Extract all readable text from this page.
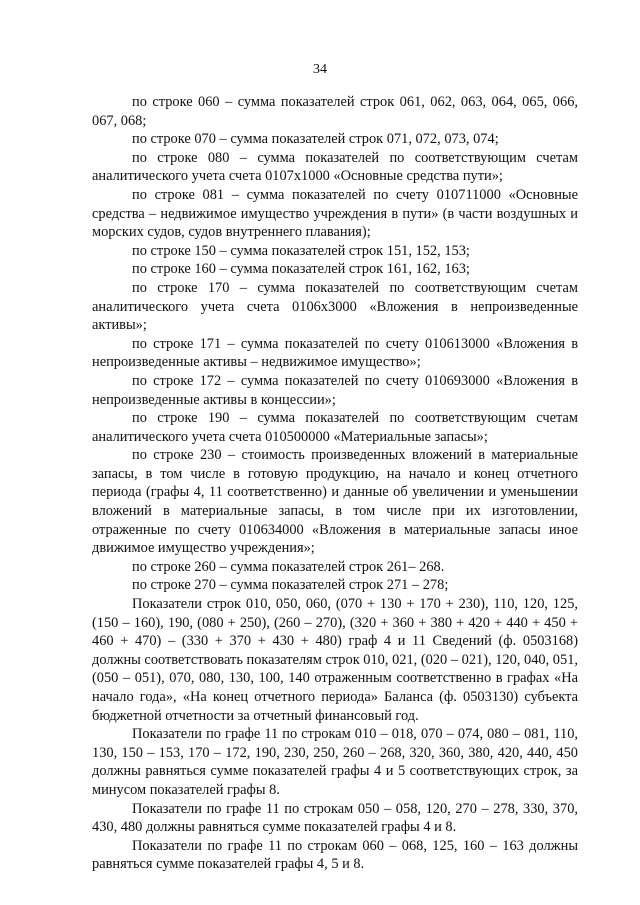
34

по строке 060 – сумма показателей строк 061, 062, 063, 064, 065, 066, 067, 068;

по строке 070 – сумма показателей строк 071, 072, 073, 074;

по строке 080 – сумма показателей по соответствующим счетам аналитического учета счета 0107х1000 «Основные средства пути»;

по строке 081 – сумма показателей по счету 010711000 «Основные средства – недвижимое имущество учреждения в пути» (в части воздушных и морских судов, судов внутреннего плавания);

по строке 150 – сумма показателей строк 151, 152, 153;

по строке 160 – сумма показателей строк 161, 162, 163;

по строке 170 – сумма показателей по соответствующим счетам аналитического учета счета 0106х3000 «Вложения в непроизведенные активы»;

по строке 171 – сумма показателей по счету 010613000 «Вложения в непроизведенные активы – недвижимое имущество»;

по строке 172 – сумма показателей по счету 010693000 «Вложения в непроизведенные активы в концессии»;

по строке 190 – сумма показателей по соответствующим счетам аналитического учета счета 010500000 «Материальные запасы»;

по строке 230 – стоимость произведенных вложений в материальные запасы, в том числе в готовую продукцию, на начало и конец отчетного периода (графы 4, 11 соответственно) и данные об увеличении и уменьшении вложений в материальные запасы, в том числе при их изготовлении, отраженные по счету 010634000 «Вложения в материальные запасы иное движимое имущество учреждения»;

по строке 260 – сумма показателей строк 261– 268.

по строке 270 – сумма показателей строк 271 – 278;

Показатели строк 010, 050, 060, (070 + 130 + 170 + 230), 110, 120, 125, (150 – 160), 190, (080 + 250), (260 – 270), (320 + 360 + 380 + 420 + 440 + 450 + 460 + 470) – (330 + 370 + 430 + 480) граф 4 и 11 Сведений (ф. 0503168) должны соответствовать показателям строк 010, 021, (020 – 021), 120, 040, 051, (050 – 051), 070, 080, 130, 100, 140 отраженным соответственно в графах «На начало года», «На конец отчетного периода» Баланса (ф. 0503130) субъекта бюджетной отчетности за отчетный финансовый год.

Показатели по графе 11 по строкам 010 – 018, 070 – 074, 080 – 081, 110, 130, 150 – 153, 170 – 172, 190, 230, 250, 260 – 268, 320, 360, 380, 420, 440, 450 должны равняться сумме показателей графы 4 и 5 соответствующих строк, за минусом показателей графы 8.

Показатели по графе 11 по строкам 050 – 058, 120, 270 – 278, 330, 370, 430, 480 должны равняться сумме показателей графы 4 и 8.

Показатели по графе 11 по строкам 060 – 068, 125, 160 – 163 должны равняться сумме показателей графы 4, 5 и 8.
